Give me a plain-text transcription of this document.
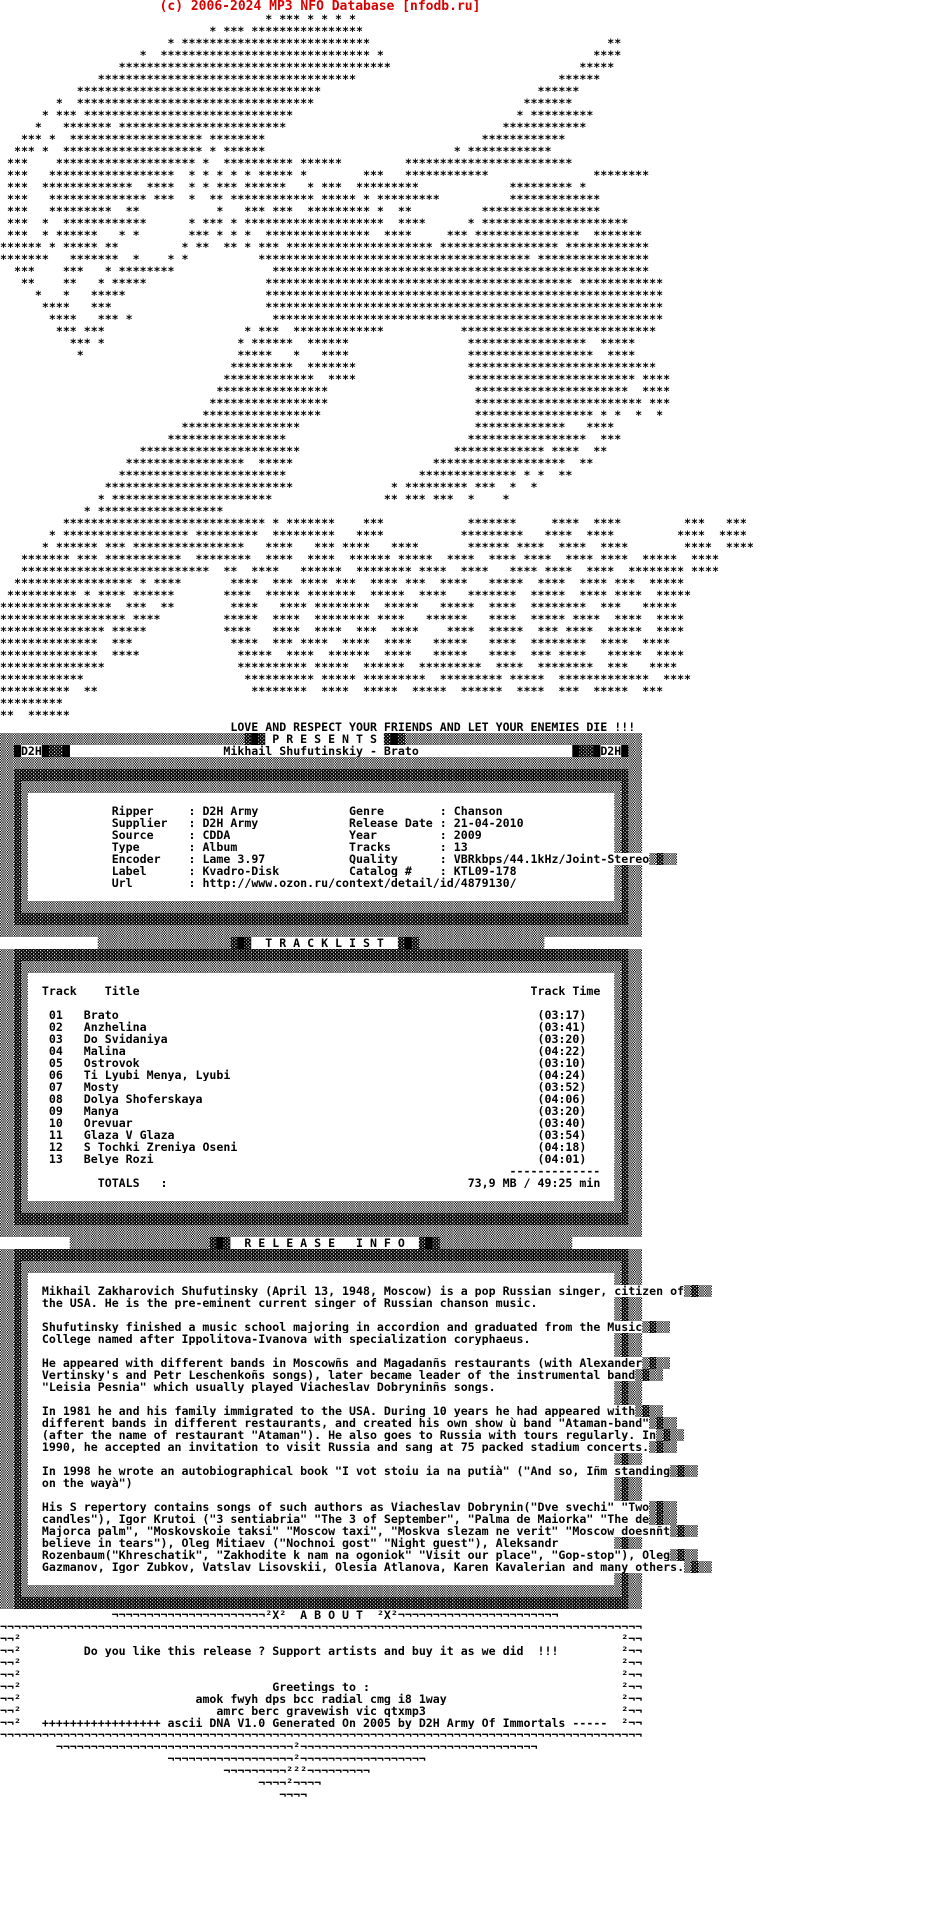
(c) 2006-2024 MP3 NFO Database [nfodb.ru]
* *** * * * *
* *** ****************
* ***************************                                  **
*  ****************************** *                              ****
***************************************                           *****
*************************************                             ******
***********************************                               ******
*  **********************************                              *******
* *** ******************************                                * *********
*   ******* ************************                               ************
*** *  ******************* ********                               ************
*** *  ******************** * ******                           * ************
***    ******************** *  ********** ******         ************************
***   ******************  * * * * * ***** *        ***   ************               ********
***  *************  ****  * * *** ******   * ***  *********             ********* *
***   ************** ***  *  ** ************ ***** * *********          *************
***   *********  **           *   *** ***  ********* *  **          *****************
***  *  ************      * *** * ********************  ****      * *********************
***  * ******   * *       *** * * *  ***************  ****     *** ***************  *******
****** * ***** **         * **  ** * *** ********************* ***************** ************
*******   *******  *    * *          *************************************** ****************
***    ***   * ********              ******************************************************
**    **   * *****                 ******************************************** ************
*   *   *****                    *********************************************************
****   ***                      *********************************************************
****   *** *                    ********************************************************
*** ***                    * ***  *************           ****************************
*** *                   * ******  ******                 *****************  *****
*                      *****   *   ****                 ******************  ****
*********  *******                ***************************
*************  ****                ************************ ****
****************                     **********************  ****
*****************                     ************************ ***
*****************                      ***************** * *  *  *
*****************                         *************   ****
*****************                          *****************  ***
***********************                      ************* ****  **
*****************  *****                    *******************  **
************************                   ************** * *  **
***************************              * ********* ***  *  *
* ***********************                ** *** ***  *    *
* ******************
***************************** * *******    ***            *******     ****  ****         ***   ***
* ****************** *********  *********   ****           *********   ****  ****         ****  ****
* ****** *** ****************   ****   *** ****   ****       ****** ****  ****  ****        ****  ****
******* *** ***********  ********  ****  ****  ****** *****  ****  **** ****  **** ****  *****  ****
***************************  **  ****   ******  ******** ****  ****   **** ****  ****  ******** ****
***************** * ****       ****  *** **** ***  **** ***  ****   *****  ****  **** ***  *****
********** * **** ******       ****  ***** *******  *****  ****   *******  *****  **** ****  *****
****************  ***  **        ****   **** ********  *****   *****  ****  ********  ***   *****
****************** ****         *****  ****  ******** ****   ******   ****  ***** ****  ****  ****
*************** *****           ****   ****  ****  ***  ****    ****  *****  *** ****  *****  ****
**************  ***              ****  *** ****  ****  ****   *****   ****  ********  ****  ****
**************  ****              *****  ****  ******  ****   *****   ****  *** ****   *****  ****
***************                   ********** *****  ******  *********  ****  ********  ***   ****
************                       ********** ***** *********  ********* *****  *************  ****
**********  **                      ********  ****  *****  *****  ******  ****  ***  *****  ***
*********
**  ******
LOVE AND RESPECT YOUR FRIENDS AND LET YOUR ENEMIES DIE !!!
▒▒▒▒▒▒▒▒▒▒▒▒▒▒▒▒▒▒▒▒▒▒▒▒▒▒▒▒▒▒▒▒▒▒▒▓█▓ P R E S E N T S ▓█▓▒▒▒▒▒▒▒▒▒▒▒▒▒▒▒▒▒▒▒▒▒▒▒▒▒▒▒▒▒▒▒▒▒▒
▒▒█D2H█▓▓█                      Mikhail Shufutinskiy - Brato                      █▓▓█D2H█▒▒
▒▒▒▒▒▒▒▒▒▒▒▒▒▒▒▒▒▒▒▒▒▒▒▒▒▒▒▒▒▒▒▒▒▒▒▒▒▒▒▒▒▒▒▒▒▒▒▒▒▒▒▒▒▒▒▒▒▒▒▒▒▒▒▒▒▒▒▒▒▒▒▒▒▒▒▒▒▒▒▒▒▒▒▒▒▒▒▒▒▒▒▒
▒▒▓▓▓▓▓▓▓▓▓▓▓▓▓▓▓▓▓▓▓▓▓▓▓▓▓▓▓▓▓▓▓▓▓▓▓▓▓▓▓▓▓▓▓▓▓▓▓▓▓▓▓▓▓▓▓▓▓▓▓▓▓▓▓▓▓▓▓▓▓▓▓▓▓▓▓▓▓▓▓▓▓▓▓▓▓▓▓▓▒▒
▒▒▓▒▒▒▒▒▒▒▒▒▒▒▒▒▒▒▒▒▒▒▒▒▒▒▒▒▒▒▒▒▒▒▒▒▒▒▒▒▒▒▒▒▒▒▒▒▒▒▒▒▒▒▒▒▒▒▒▒▒▒▒▒▒▒▒▒▒▒▒▒▒▒▒▒▒▒▒▒▒▒▒▒▒▒▒▒▒▓▒▒
▒▒▓▒	▒▓▒▒
▒▒▓▒	Ripper     : D2H Army	Genre        : Chanson	▒▓▒▒
▒▒▓▒	Supplier   : D2H Army	Release Date : 21-04-2010	▒▓▒▒
▒▒▓▒	Source     : CDDA	Year         : 2009	▒▓▒▒
▒▒▓▒	Type       : Album	Tracks       : 13	▒▓▒▒
▒▒▓▒	Encoder    : Lame 3.97	Quality      : VBRkbps/44.1kHz/Joint-Stereo▒▓▒▒
▒▒▓▒	Label      : Kvadro-Disk	Catalog #    : KTL09-178	▒▓▒▒
▒▒▓▒	Url        : http://www.ozon.ru/context/detail/id/4879130/	▒▓▒▒
▒▒▓▒	▒▓▒▒
▒▒▓▒▒▒▒▒▒▒▒▒▒▒▒▒▒▒▒▒▒▒▒▒▒▒▒▒▒▒▒▒▒▒▒▒▒▒▒▒▒▒▒▒▒▒▒▒▒▒▒▒▒▒▒▒▒▒▒▒▒▒▒▒▒▒▒▒▒▒▒▒▒▒▒▒▒▒▒▒▒▒▒▒▒▒▒▒▒▓▒▒
▒▒▓▓▓▓▓▓▓▓▓▓▓▓▓▓▓▓▓▓▓▓▓▓▓▓▓▓▓▓▓▓▓▓▓▓▓▓▓▓▓▓▓▓▓▓▓▓▓▓▓▓▓▓▓▓▓▓▓▓▓▓▓▓▓▓▓▓▓▓▓▓▓▓▓▓▓▓▓▓▓▓▓▓▓▓▓▓▓▓▒▒
▒▒▒▒▒▒▒▒▒▒▒▒▒▒▒▒▒▒▒▒▒▒▒▒▒▒▒▒▒▒▒▒▒▒▒▒▒▒▒▒▒▒▒▒▒▒▒▒▒▒▒▒▒▒▒▒▒▒▒▒▒▒▒▒▒▒▒▒▒▒▒▒▒▒▒▒▒▒▒▒▒▒▒▒▒▒▒▒▒▒▒▒
▒▒▒▒▒▒▒▒▒▒▒▒▒▒▒▒▒▒▒▓█▓  T R A C K L I S T  ▓█▓▒▒▒▒▒▒▒▒▒▒▒▒▒▒▒▒▒▒
▒▒▓▓▓▓▓▓▓▓▓▓▓▓▓▓▓▓▓▓▓▓▓▓▓▓▓▓▓▓▓▓▓▓▓▓▓▓▓▓▓▓▓▓▓▓▓▓▓▓▓▓▓▓▓▓▓▓▓▓▓▓▓▓▓▓▓▓▓▓▓▓▓▓▓▓▓▓▓▓▓▓▓▓▓▓▓▓▓▓▒▒
▒▒▓▒▒▒▒▒▒▒▒▒▒▒▒▒▒▒▒▒▒▒▒▒▒▒▒▒▒▒▒▒▒▒▒▒▒▒▒▒▒▒▒▒▒▒▒▒▒▒▒▒▒▒▒▒▒▒▒▒▒▒▒▒▒▒▒▒▒▒▒▒▒▒▒▒▒▒▒▒▒▒▒▒▒▒▒▒▒▓▒▒
▒▒▓▒	▒▓▒▒
▒▒▓▒ Track Title	Track Time ▒▓▒▒
▒▒▓▒	▒▓▒▒
▒▒▓▒ 01 Brato	(03:17) ▒▓▒▒
▒▒▓▒ 02 Anzhelina	(03:41) ▒▓▒▒
▒▒▓▒ 03 Do Svidaniya	(03:20) ▒▓▒▒
▒▒▓▒ 04 Malina	(04:22) ▒▓▒▒
▒▒▓▒ 05 Ostrovok	(03:10) ▒▓▒▒
▒▒▓▒ 06 Ti Lyubi Menya, Lyubi	(04:24) ▒▓▒▒
▒▒▓▒ 07 Mosty	(03:52) ▒▓▒▒
▒▒▓▒ 08 Dolya Shoferskaya	(04:06) ▒▓▒▒
▒▒▓▒ 09 Manya	(03:20) ▒▓▒▒
▒▒▓▒ 10 Orevuar	(03:40) ▒▓▒▒
▒▒▓▒ 11 Glaza V Glaza	(03:54) ▒▓▒▒
▒▒▓▒ 12 S Tochki Zreniya Oseni	(04:18) ▒▓▒▒
▒▒▓▒ 13 Belye Rozi	(04:01) ▒▓▒▒
▒▒▓▒                                                                     -------------  ▒▓▒▒
▒▒▓▒	TOTALS   :	73,9 MB / 49:25 min ▒▓▒▒
▒▒▓▒	▒▓▒▒
▒▒▓▒▒▒▒▒▒▒▒▒▒▒▒▒▒▒▒▒▒▒▒▒▒▒▒▒▒▒▒▒▒▒▒▒▒▒▒▒▒▒▒▒▒▒▒▒▒▒▒▒▒▒▒▒▒▒▒▒▒▒▒▒▒▒▒▒▒▒▒▒▒▒▒▒▒▒▒▒▒▒▒▒▒▒▒▒▒▓▒▒
▒▒▓▓▓▓▓▓▓▓▓▓▓▓▓▓▓▓▓▓▓▓▓▓▓▓▓▓▓▓▓▓▓▓▓▓▓▓▓▓▓▓▓▓▓▓▓▓▓▓▓▓▓▓▓▓▓▓▓▓▓▓▓▓▓▓▓▓▓▓▓▓▓▓▓▓▓▓▓▓▓▓▓▓▓▓▓▓▓▓▒▒
▒▒▒▒▒▒▒▒▒▒▒▒▒▒▒▒▒▒▒▒▒▒▒▒▒▒▒▒▒▒▒▒▒▒▒▒▒▒▒▒▒▒▒▒▒▒▒▒▒▒▒▒▒▒▒▒▒▒▒▒▒▒▒▒▒▒▒▒▒▒▒▒▒▒▒▒▒▒▒▒▒▒▒▒▒▒▒▒▒▒▒▒
▒▒▒▒▒▒▒▒▒▒▒▒▒▒▒▒▒▒▒▒▓█▓  R E L E A S E   I N F O  ▓█▓▒▒▒▒▒▒▒▒▒▒▒▒▒▒▒▒▒▒▒
▒▒▓▓▓▓▓▓▓▓▓▓▓▓▓▓▓▓▓▓▓▓▓▓▓▓▓▓▓▓▓▓▓▓▓▓▓▓▓▓▓▓▓▓▓▓▓▓▓▓▓▓▓▓▓▓▓▓▓▓▓▓▓▓▓▓▓▓▓▓▓▓▓▓▓▓▓▓▓▓▓▓▓▓▓▓▓▓▓▓▒▒
▒▒▓▒▒▒▒▒▒▒▒▒▒▒▒▒▒▒▒▒▒▒▒▒▒▒▒▒▒▒▒▒▒▒▒▒▒▒▒▒▒▒▒▒▒▒▒▒▒▒▒▒▒▒▒▒▒▒▒▒▒▒▒▒▒▒▒▒▒▒▒▒▒▒▒▒▒▒▒▒▒▒▒▒▒▒▒▒▒▓▒▒
▒▒▓▒	▒▓▒▒
▒▒▓▒ Mikhail Zakharovich Shufutinsky (April 13, 1948, Moscow) is a pop Russian singer, citizen of▒▓▒▒
▒▒▓▒ the USA. He is the pre-eminent current singer of Russian chanson music.	▒▓▒▒
▒▒▓▒	▒▓▒▒
▒▒▓▒ Shufutinsky finished a music school majoring in accordion and graduated from the Music▒▓▒▒
▒▒▓▒ College named after Ippolitova-Ivanova with specialization coryphaeus.	▒▓▒▒
▒▒▓▒	▒▓▒▒
▒▒▓▒ He appeared with different bands in Moscowñs and Magadanñs restaurants (with Alexander▒▓▒▒
▒▒▓▒ Vertinsky's and Petr Leschenkoñs songs), later became leader of the instrumental band▒▓▒▒
▒▒▓▒ "Leisia Pesnia" which usually played Viacheslav Dobryninñs songs.	▒▓▒▒
▒▒▓▒	▒▓▒▒
▒▒▓▒ In 1981 he and his family immigrated to the USA. During 10 years he had appeared with▒▓▒▒
▒▒▓▒ different bands in different restaurants, and created his own show ù band "Ataman-band"▒▓▒▒
▒▒▓▒ (after the name of restaurant "Ataman"). He also goes to Russia with tours regularly. In▒▓▒▒
▒▒▓▒ 1990, he accepted an invitation to visit Russia and sang at 75 packed stadium concerts.▒▓▒▒
▒▒▓▒	▒▓▒▒
▒▒▓▒ In 1998 he wrote an autobiographical book "I vot stoiu ia na putià" ("And so, Iñm standing▒▓▒▒
▒▒▓▒ on the wayà")	▒▓▒▒
▒▒▓▒	▒▓▒▒
▒▒▓▒ His S repertory contains songs of such authors as Viacheslav Dobrynin("Dve svechi" "Two▒▓▒▒
▒▒▓▒ candles"), Igor Krutoi ("3 sentiabria" "The 3 of September", "Palma de Maiorka" "The de▒▓▒▒
▒▒▓▒ Majorca palm", "Moskovskoie taksi" "Moscow taxi", "Moskva slezam ne verit" "Moscow doesnñt▒▓▒▒
▒▒▓▒ believe in tears"), Oleg Mitiaev ("Nochnoi gost" "Night guest"), Aleksandr	▒▓▒▒
▒▒▓▒ Rozenbaum("Khreschatik", "Zakhodite k nam na ogoniok" "Visit our place", "Gop-stop"), Oleg▒▓▒▒
▒▒▓▒ Gazmanov, Igor Zubkov, Vatslav Lisovskii, Olesia Atlanova, Karen Kavalerian and many others.▒▓▒▒
▒▒▓▒	▒▓▒▒
▒▒▓▒▒▒▒▒▒▒▒▒▒▒▒▒▒▒▒▒▒▒▒▒▒▒▒▒▒▒▒▒▒▒▒▒▒▒▒▒▒▒▒▒▒▒▒▒▒▒▒▒▒▒▒▒▒▒▒▒▒▒▒▒▒▒▒▒▒▒▒▒▒▒▒▒▒▒▒▒▒▒▒▒▒▒▒▒▒▓▒▒
▒▒▓▓▓▓▓▓▓▓▓▓▓▓▓▓▓▓▓▓▓▓▓▓▓▓▓▓▓▓▓▓▓▓▓▓▓▓▓▓▓▓▓▓▓▓▓▓▓▓▓▓▓▓▓▓▓▓▓▓▓▓▓▓▓▓▓▓▓▓▓▓▓▓▓▓▓▓▓▓▓▓▓▓▓▓▓▓▓▓▒▒
¬¬¬¬¬¬¬¬¬¬¬¬¬¬¬¬¬¬¬¬¬¬²X²  A B O U T  ²X²¬¬¬¬¬¬¬¬¬¬¬¬¬¬¬¬¬¬¬¬¬¬¬
¬¬¬¬¬¬¬¬¬¬¬¬¬¬¬¬¬¬¬¬¬¬¬¬¬¬¬¬¬¬¬¬¬¬¬¬¬¬¬¬¬¬¬¬¬¬¬¬¬¬¬¬¬¬¬¬¬¬¬¬¬¬¬¬¬¬¬¬¬¬¬¬¬¬¬¬¬¬¬¬¬¬¬¬¬¬¬¬¬¬¬¬
¬¬²	²¬¬
¬¬²	Do you like this release ? Support artists and buy it as we did  !!!	²¬¬
¬¬²	²¬¬
¬¬²	²¬¬
¬¬²	Greetings to :	²¬¬
¬¬²	amok fwyh dps bcc radial cmg i8 1way	²¬¬
¬¬²	amrc berc gravewish vic qtxmp3	²¬¬
¬¬²   +++++++++++++++++ ascii DNA V1.0 Generated On 2005 by D2H Army Of Immortals -----  ²¬¬
¬¬¬¬¬¬¬¬¬¬¬¬¬¬¬¬¬¬¬¬¬¬¬¬¬¬¬¬¬¬¬¬¬¬¬¬¬¬¬¬¬¬¬¬¬¬¬¬¬¬¬¬¬¬¬¬¬¬¬¬¬¬¬¬¬¬¬¬¬¬¬¬¬¬¬¬¬¬¬¬¬¬¬¬¬¬¬¬¬¬¬¬
¬¬¬¬¬¬¬¬¬¬¬¬¬¬¬¬¬¬¬¬¬¬¬¬¬¬¬¬¬¬¬¬¬¬²¬¬¬¬¬¬¬¬¬¬¬¬¬¬¬¬¬¬¬¬¬¬¬¬¬¬¬¬¬¬¬¬¬¬
¬¬¬¬¬¬¬¬¬¬¬¬¬¬¬¬¬¬²¬¬¬¬¬¬¬¬¬¬¬¬¬¬¬¬¬¬
¬¬¬¬¬¬¬¬¬²²²¬¬¬¬¬¬¬¬¬
¬¬¬¬²¬¬¬¬
¬¬¬¬
